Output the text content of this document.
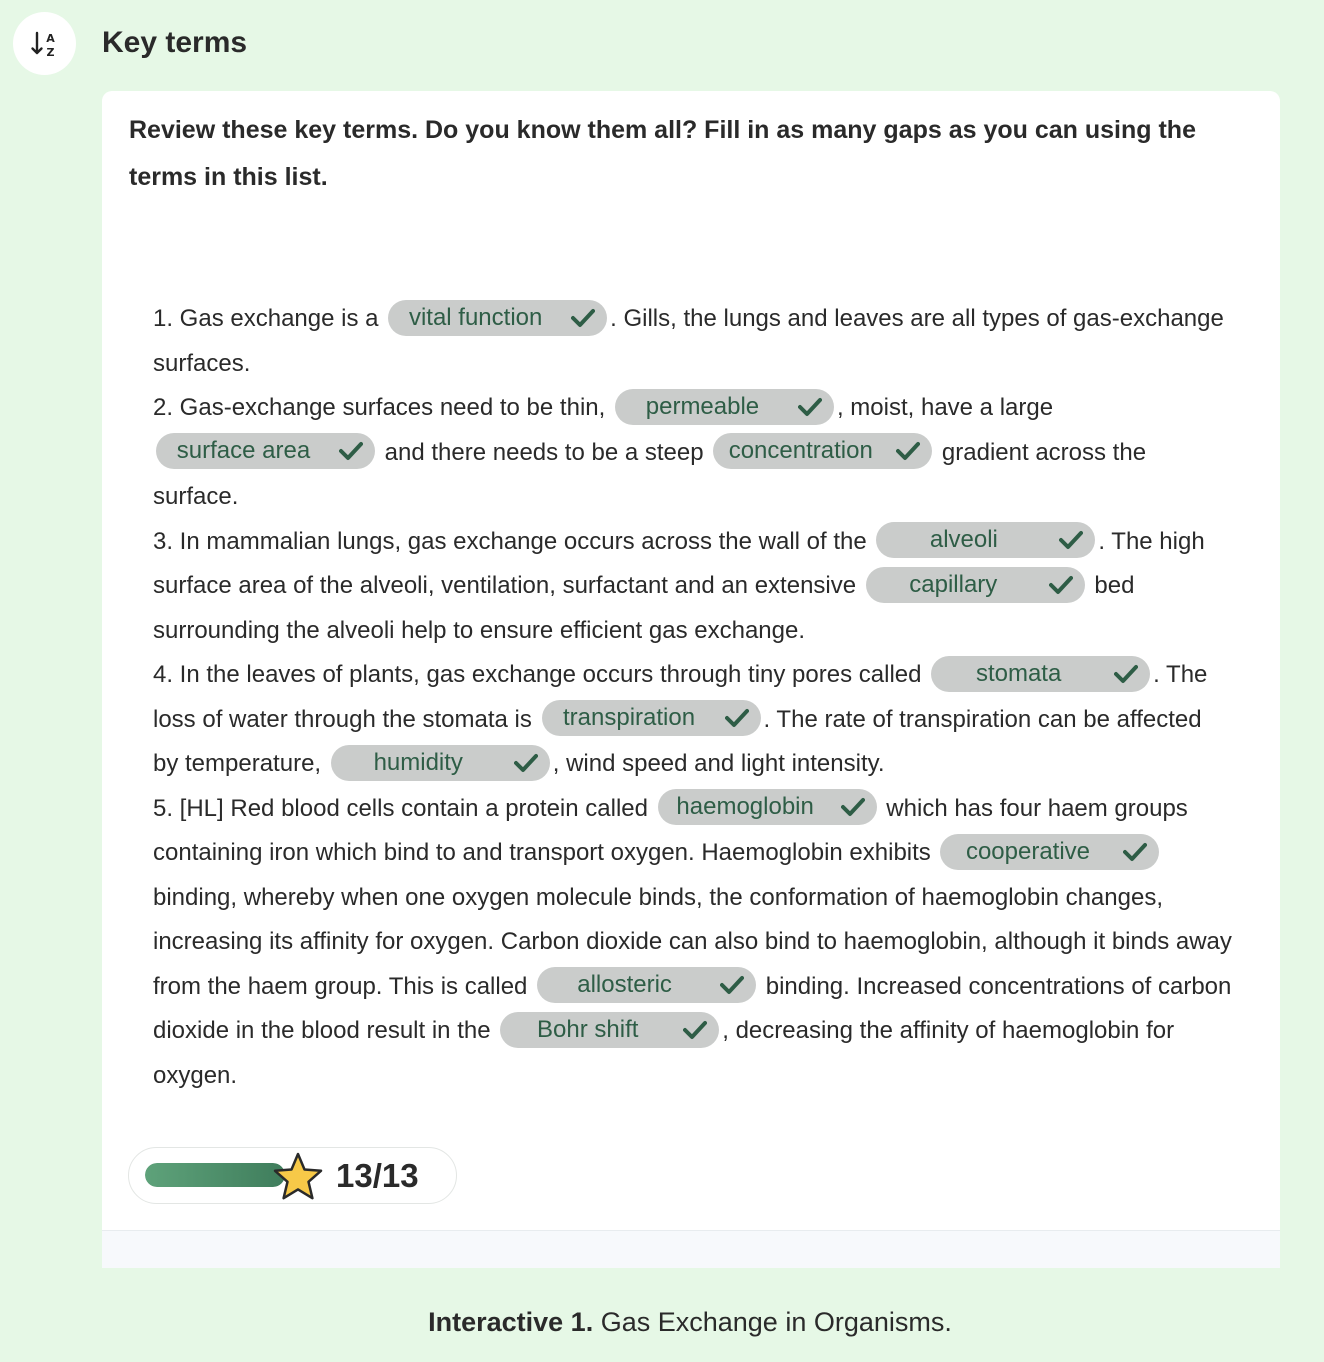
A
Z Key terms

Review these key terms. Do you know them all? Fill in as many gaps as you can using the terms in this list.

1. Gas exchange is a vital function	. Gills, the lungs and leaves are all types of gas-exchange surfaces.

2. Gas-exchange surfaces need to be thin, permeable	, moist, have a large surface area	and there needs to be a steep concentration	gradient across the surface.

3. In mammalian lungs, gas exchange occurs across the wall of the alveoli	. The high surface area of the alveoli, ventilation, surfactant and an extensive capillary	bed surrounding the alveoli help to ensure efficient gas exchange.

4. In the leaves of plants, gas exchange occurs through tiny pores called stomata	. The loss of water through the stomata is transpiration	. The rate of transpiration can be affected by temperature, humidity	, wind speed and light intensity.

5. [HL] Red blood cells contain a protein called haemoglobin	which has four haem groups containing iron which bind to and transport oxygen. Haemoglobin exhibits cooperative
binding, whereby when one oxygen molecule binds, the conformation of haemoglobin changes, increasing its affinity for oxygen. Carbon dioxide can also bind to haemoglobin, although it binds away from the haem group. This is called allosteric	binding. Increased concentrations of carbon dioxide in the blood result in the Bohr shift	, decreasing the affinity of haemoglobin for oxygen.

13/13
Interactive 1. Gas Exchange in Organisms.
